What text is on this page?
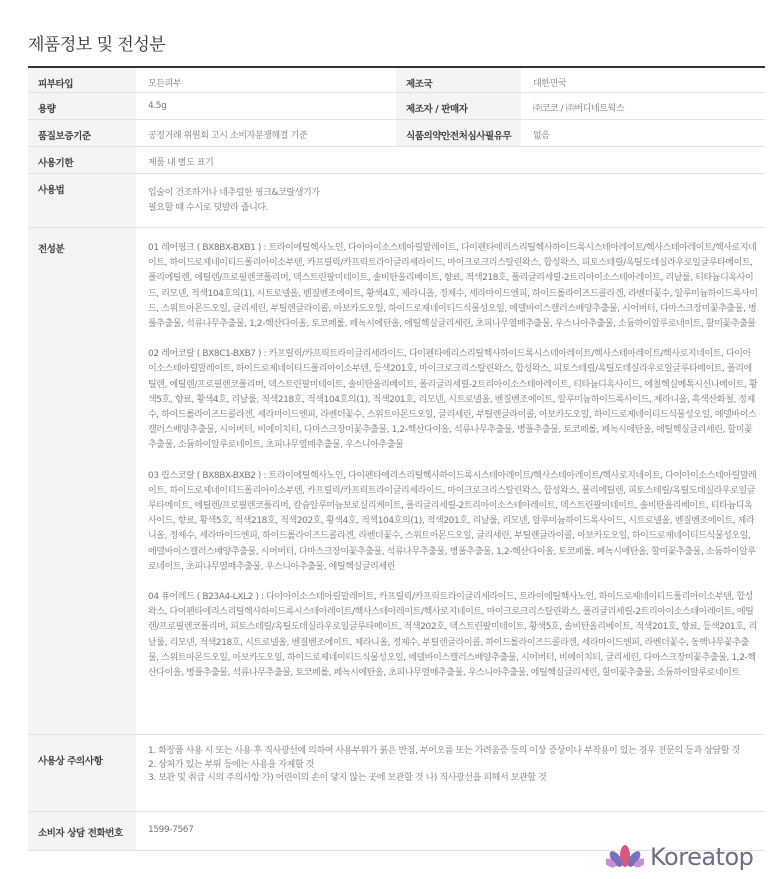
제품정보 및 전성분
피부타입	모든피부	제조국	대한민국
용량	4.5g	제조자 / 판매자	㈜코코 / ㈜버디네트웍스
품질보증기준	공정거래 위원회 고시 소비자분쟁해결 기준	식품의약안전처심사필유무	없음
사용기한	제품 내 별도 표기
사용법	입술이 건조하거나 네추럴한 핑크&코랄생기가
필요할 때 수시로 덧발라 줍니다.
전성분	01 레어핑크 ( BX8BX-BXB1 ) : 트라이에틸헥사노인, 다이아이소스테아릴말레이트, 다이펜타에리스리틸헥사하이드록시스테아레이트/헥사스테아레이트/헥사로지네이트, 하이드로제네이티드폴리아이소부텐, 카프릴릭/카프릭트라이글리세라이드, 마이크로크리스탈린왁스, 합성왁스, 피토스테릴/옥틸도데실라우로일글루타메이트, 폴리에틸렌, 에틸렌/프로필렌코폴리머, 덱스트린팔미테이트, 솔비탄올리베이트, 향료, 적색218호, 폴리글리세릴-2트리아이소스테아레이트, 리날룰, 티타늄디옥사이드, 리모넨, 적색104호의(1), 시트로넬올, 벤질벤조에이트, 황색4호, 제라니올, 정제수, 세라마이드엔피, 하이드롤라이즈드콜라겐, 라벤더꽃수, 알루미늄하이드록사이드, 스위트아몬드오일, 글리세린, 부틸렌글라이콜, 아보카도오일, 하이드로제네이티드식물성오일, 에델바이스캘러스배양추출물, 시어버터, 다마스크장미꽃추출물, 병풀추출물, 석류나무추출물, 1,2-헥산다이올, 토코페롤, 페녹시에탄올, 에틸헥실글리세린, 초피나무열매추출물, 우스니아추출물, 소듐하이알루로네이트, 할미꽃추출물
02 레어코랄 ( BX8C1-BXB7 ) : 카프릴릭/카프릭트라이글리세라이드, 다이펜타에리스리틸헥사하이드록시스테아레이트/헥사스테아레이트/헥사로지네이트, 다이아이소스테아릴말레이트, 하이드로제네이티드폴리아이소부텐, 등색201호, 마이크로크리스탈린왁스, 합성왁스, 피토스테릴/옥틸도데실라우로일글루타메이트, 폴리에틸렌, 에틸렌/프로필렌코폴리머, 덱스트린팔미테이트, 솔비탄올리베이트, 폴리글리세릴-2트리아이소스테아레이트, 티타늄디옥사이드, 에칠헥실메톡시신나메이트, 황색5호, 향료, 황색4호, 리날룰, 적색218호, 적색104호의(1), 적색201호, 리모넨, 시트로넬올, 벤질벤조에이트, 알루미늄하이드록사이드, 제라니올, 흑색산화철, 정제수, 하이드롤라이즈드콜라겐, 세라마이드엔피, 라벤더꽃수, 스위트아몬드오일, 글리세린, 부틸렌글라이콜, 아보카도오일, 하이드로제네이티드식물성오일, 에델바이스캘러스배양추출물, 시어버터, 비에이치티, 다마스크장미꽃추출물, 1,2-헥산다이올, 석류나무추출물, 병풀추출물, 토코페롤, 페녹시에탄올, 에틸헥실글리세린, 할미꽃추출물, 소듐하이알루로네이트, 초피나무열매추출물, 우스니아추출물
03 립스코랄 ( BX8BX-BXB2 ) : 트라이에틸헥사노인, 다이펜타에리스리틸헥사하이드록시스테아레이트/헥사스테아레이트/헥사로지네이트, 다이아이소스테아릴말레이트, 하이드로제네이티드폴리아이소부텐, 카프릴릭/카프릭트라이글리세라이드, 마이크로크리스탈린왁스, 합성왁스, 폴리에틸렌, 피토스테릴/옥틸도데실라우로일글루타메이트, 에틸렌/프로필렌코폴리머, 칼슘알루미늄보로실리케이트, 폴리글리세릴-2트리아이소스테아레이트, 덱스트린팔미테이트, 솔비탄올리베이트, 티타늄디옥사이드, 향료, 황색5호, 적색218호, 적색202호, 황색4호, 적색104호의(1), 적색201호, 리날룰, 리모넨, 알루미늄하이드록사이드, 시트로넬올, 벤질벤조에이트, 제라니올, 정제수, 세라마이드엔피, 하이드롤라이즈드콜라겐, 라벤더꽃수, 스위트아몬드오일, 글리세린, 부틸렌글라이콜, 아보카도오일, 하이드로제네이티드식물성오일, 에델바이스캘러스배양추출물, 시어버터, 다마스크장미꽃추출물, 석류나무추출물, 병풀추출물, 1,2-헥산다이올, 토코페롤, 페녹시에탄올, 할미꽃추출물, 소듐하이알루로네이트, 초피나무열매추출물, 우스니아추출물, 에틸헥실글리세린
04 퓨어레드 ( B23A4-LXL2 ) : 다이아이소스테아릴말레이트, 카프릴릭/카프릭트라이글리세라이드, 트라이에틸헥사노인, 하이드로제네이티드폴리아이소부텐, 합성왁스, 다이펜타에리스리틸헥사하이드록시스테아레이트/헥사스테아레이트/헥사로지네이트, 마이크로크리스탈린왁스, 폴리글리세릴-2트리아이소스테아레이트, 에틸렌/프로필렌코폴리머, 피토스테릴/옥틸도데실라우로일글루타메이트, 적색202호, 덱스트린팔미테이트, 황색5호, 솔비탄올리베이트, 적색201호, 향료, 등색201호, 리날룰, 리모넨, 적색218호, 시트로넬올, 벤질벤조에이트, 제라니올, 정제수, 부틸렌글라이콜, 하이드롤라이즈드콜라겐, 세라마이드엔피, 라벤더꽃수, 동백나무꽃추출물, 스위트아몬드오일, 아보카도오일, 하이드로제네이티드식물성오일, 에델바이스캘러스배양추출물, 시어버터, 비에이치티, 글리세린, 다마스크장미꽃추출물, 1,2-헥산다이올, 병풀추출물, 석류나무추출물, 토코페롤, 페녹시에탄올, 초피나무열매추출물, 우스니아추출물, 에틸헥실글리세린, 할미꽃추출물, 소듐하이알루로네이트
사용상 주의사항
1. 화장품 사용 시 또는 사용 후 직사광선에 의하여 사용부위가 붉은 반점, 부어오름 또는 가려움증 등의 이상 증상이나 부작용이 있는 경우 전문의 등과 상담할 것
2. 상처가 있는 부위 등에는 사용을 자제할 것
3. 보관 및 취급 시의 주의사항 가) 어린이의 손이 닿지 않는 곳에 보관할 것 나) 직사광선을 피해서 보관할 것
소비자 상담 전화번호	1599-7567
Koreatop
